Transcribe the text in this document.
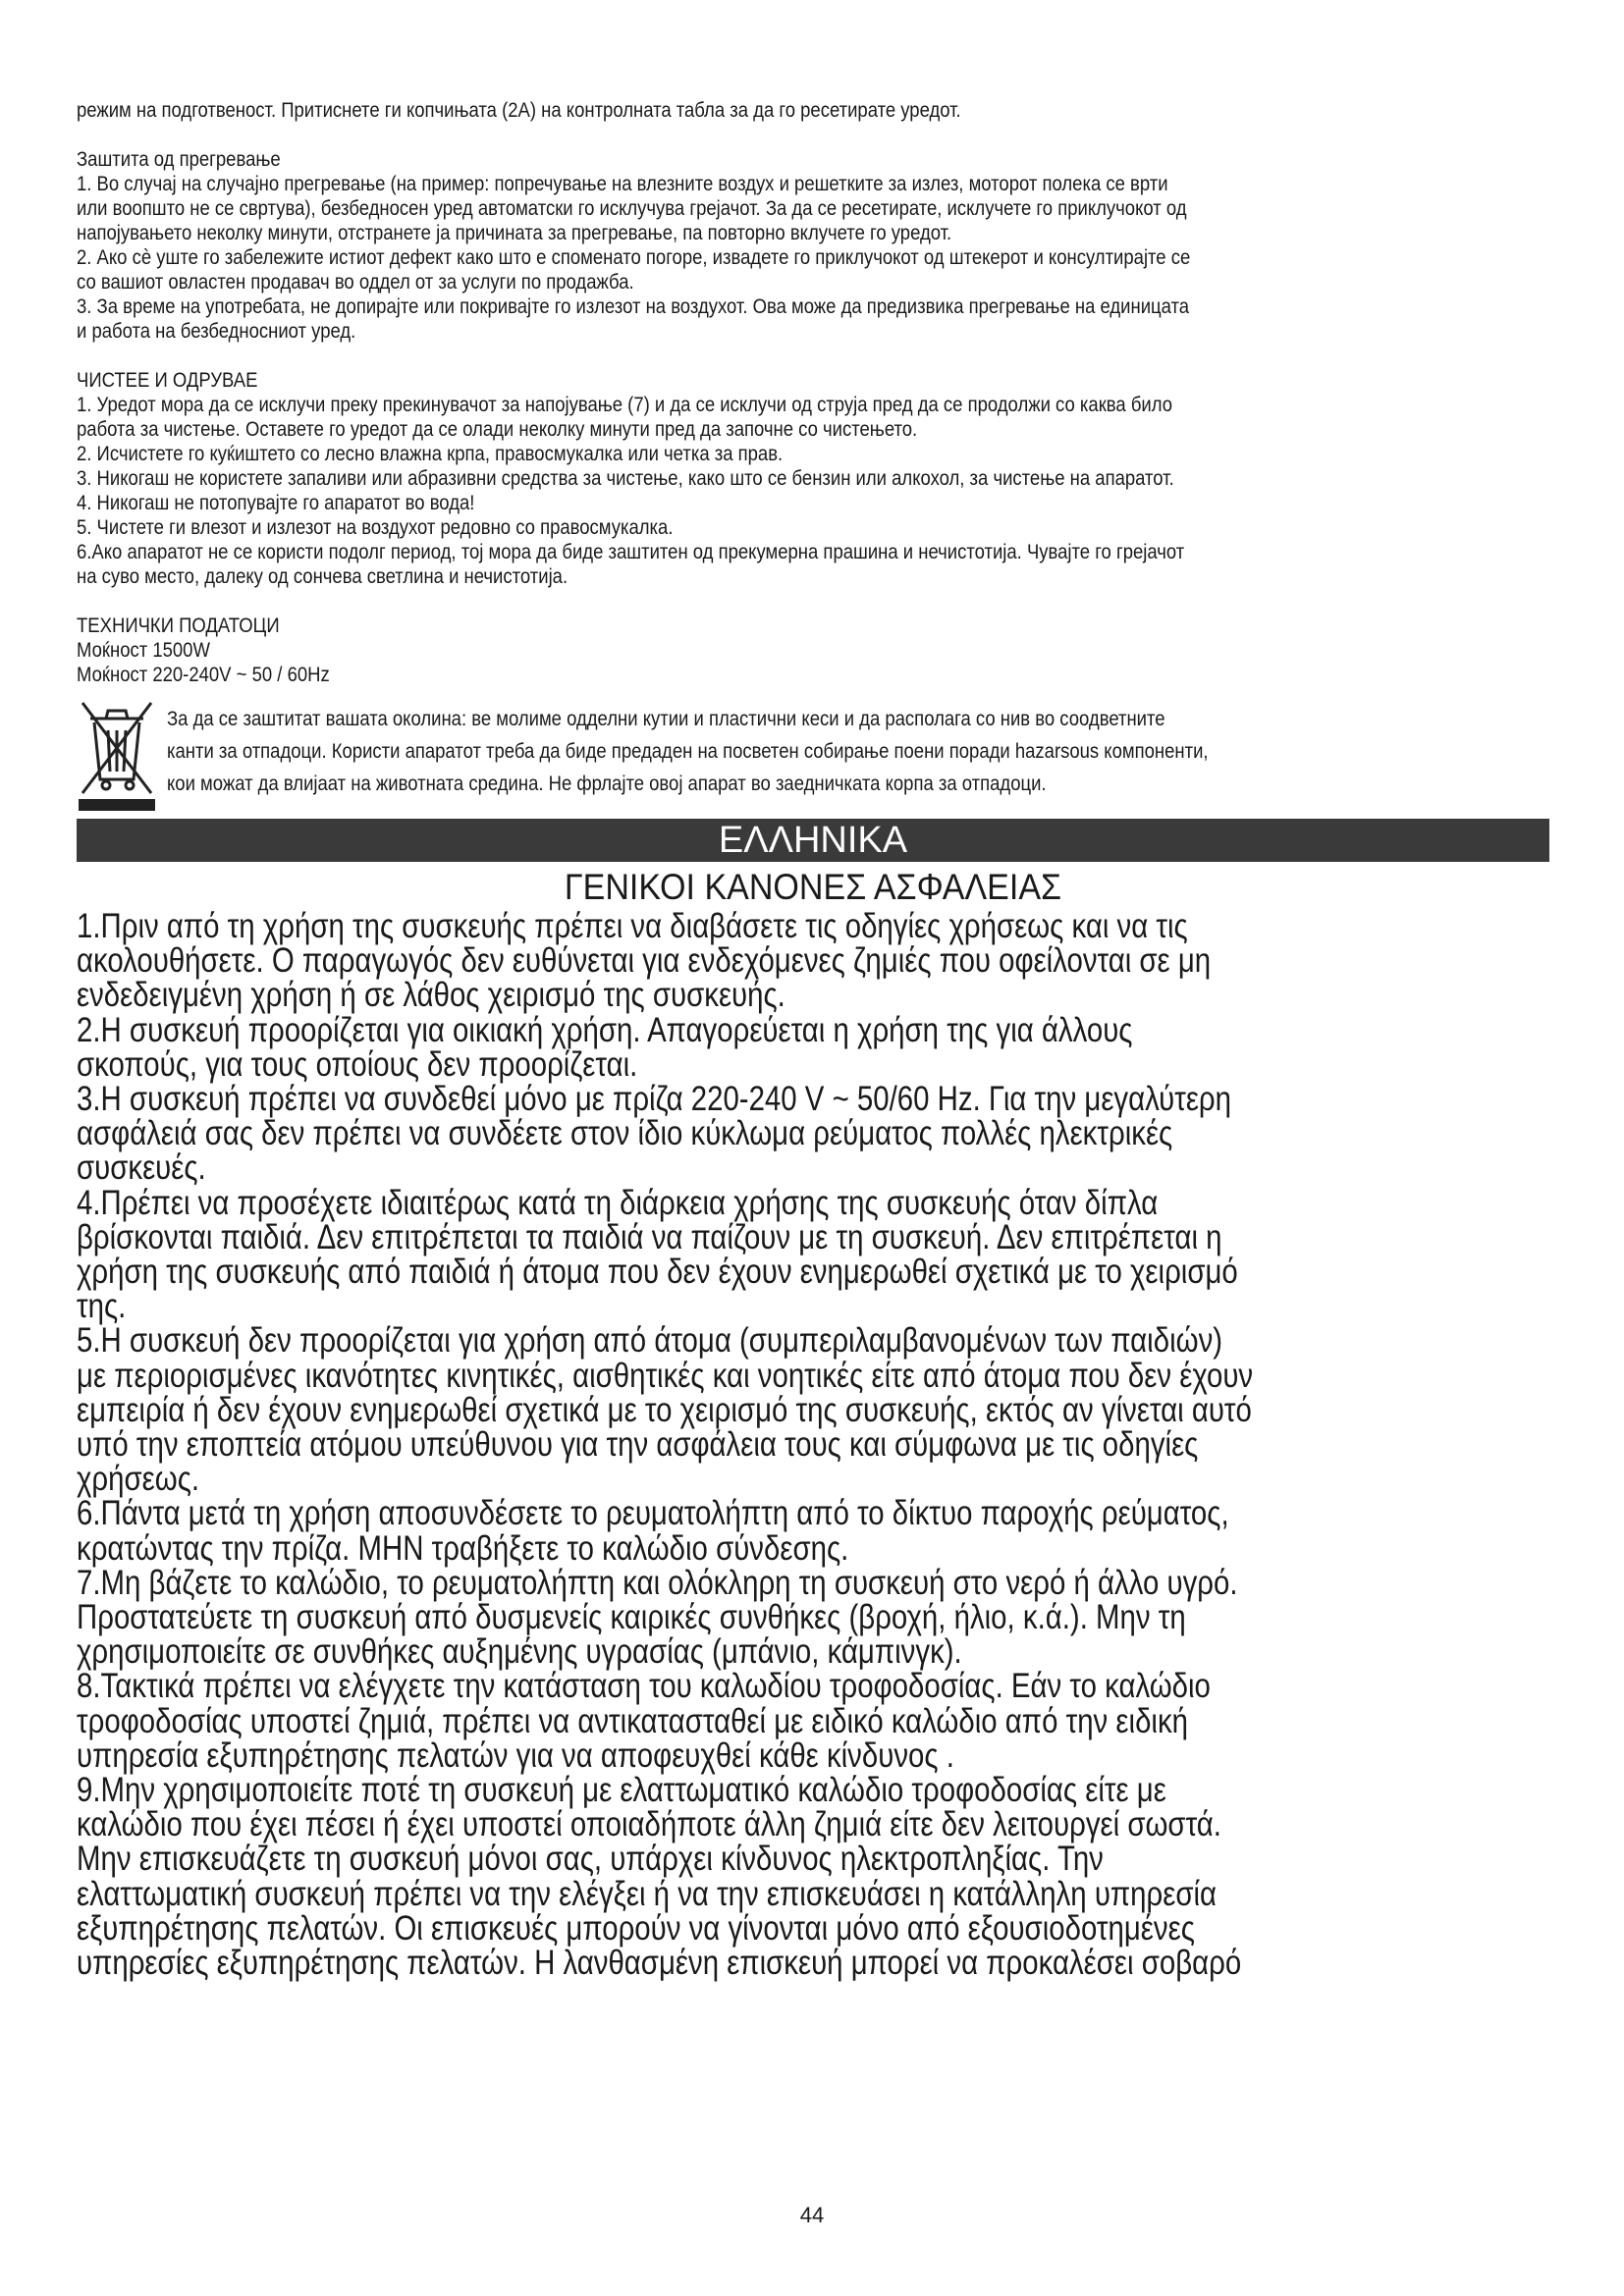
режим на подготвеност. Притиснете ги копчињата (2А) на контролната табла за да го ресетирате уредот.

Заштита од прегревање

1. Во случај на случајно прегревање (на пример: попречување на влезните воздух и решетките за излез, моторот полека се врти

или воопшто не се свртува), безбедносен уред автоматски го исклучува грејачот. За да се ресетирате, исклучете го приклучокот од

напојувањето неколку минути, отстранете ја причината за прегревање, па повторно вклучете го уредот.

2. Ако сè уште го забележите истиот дефект како што е споменато погоре, извадете го приклучокот од штекерот и консултирајте се

со вашиот овластен продавач во оддел от за услуги по продажба.

3. За време на употребата, не допирајте или покривајте го излезот на воздухот. Ова може да предизвика прегревање на единицата

и работа на безбедносниот уред.

ЧИСТЕЕ И ОДРУВАЕ

1. Уредот мора да се исклучи преку прекинувачот за напојување (7) и да се исклучи од струја пред да се продолжи со каква било

работа за чистење. Оставете го уредот да се олади неколку минути пред да започне со чистењето.

2. Исчистете го куќиштето со лесно влажна крпа, правосмукалка или четка за прав.

3. Никогаш не користете запаливи или абразивни средства за чистење, како што се бензин или алкохол, за чистење на апаратот.

4. Никогаш не потопувајте го апаратот во вода!

5. Чистете ги влезот и излезот на воздухот редовно со правосмукалка.

6.Ако апаратот не се користи подолг период, тој мора да биде заштитен од прекумерна прашина и нечистотија. Чувајте го грејачот

на суво место, далеку од сончева светлина и нечистотија.

ТЕХНИЧКИ ПОДАТОЦИ

Моќност 1500W

Моќност 220-240V ~ 50 / 60Hz

За да се заштитат вашата околина: ве молиме одделни кутии и пластични кеси и да располага со нив во соодветните

канти за отпадоци. Користи апаратот треба да биде предаден на посветен собирање поени поради hazarsous компоненти,

кои можат да влијаат на животната средина. Не фрлајте овој апарат во заедничката корпа за отпадоци.

ΕΛΛΗΝΙΚΑ
ΓΕΝΙΚΟΙ ΚΑΝΟΝΕΣ ΑΣΦΑΛΕΙΑΣ

1.Πριν από τη χρήση της συσκευής πρέπει να διαβάσετε τις οδηγίες χρήσεως και να τις

ακολουθήσετε. Ο παραγωγός δεν ευθύνεται για ενδεχόμενες ζημιές που οφείλονται σε μη

ενδεδειγμένη χρήση ή σε λάθος χειρισμό της συσκευής.

2.Η συσκευή προορίζεται για οικιακή χρήση. Απαγορεύεται η χρήση της για άλλους

σκοπούς, για τους οποίους δεν προορίζεται.

3.Η συσκευή πρέπει να συνδεθεί μόνο με πρίζα 220-240 V ~ 50/60 Hz. Για την μεγαλύτερη

ασφάλειά σας δεν πρέπει να συνδέετε στον ίδιο κύκλωμα ρεύματος πολλές ηλεκτρικές

συσκευές.

4.Πρέπει να προσέχετε ιδιαιτέρως κατά τη διάρκεια χρήσης της συσκευής όταν δίπλα

βρίσκονται παιδιά. Δεν επιτρέπεται τα παιδιά να παίζουν με τη συσκευή. Δεν επιτρέπεται η

χρήση της συσκευής από παιδιά ή άτομα που δεν έχουν ενημερωθεί σχετικά με το χειρισμό

της.

5.Η συσκευή δεν προορίζεται για χρήση από άτομα (συμπεριλαμβανομένων των παιδιών)

με περιορισμένες ικανότητες κινητικές, αισθητικές και νοητικές είτε από άτομα που δεν έχουν

εμπειρία ή δεν έχουν ενημερωθεί σχετικά με το χειρισμό της συσκευής, εκτός αν γίνεται αυτό

υπό την εποπτεία ατόμου υπεύθυνου για την ασφάλεια τους και σύμφωνα με τις οδηγίες

χρήσεως.

6.Πάντα μετά τη χρήση αποσυνδέσετε το ρευματολήπτη από το δίκτυο παροχής ρεύματος,

κρατώντας την πρίζα. ΜΗΝ τραβήξετε το καλώδιο σύνδεσης.

7.Μη βάζετε το καλώδιο, το ρευματολήπτη και ολόκληρη τη συσκευή στο νερό ή άλλο υγρό.

Προστατεύετε τη συσκευή από δυσμενείς καιρικές συνθήκες (βροχή, ήλιο, κ.ά.). Μην τη

χρησιμοποιείτε σε συνθήκες αυξημένης υγρασίας (μπάνιο, κάμπινγκ).

8.Τακτικά πρέπει να ελέγχετε την κατάσταση του καλωδίου τροφοδοσίας. Εάν το καλώδιο

τροφοδοσίας υποστεί ζημιά, πρέπει να αντικατασταθεί με ειδικό καλώδιο από την ειδική

υπηρεσία εξυπηρέτησης πελατών για να αποφευχθεί κάθε κίνδυνος .

9.Μην χρησιμοποιείτε ποτέ τη συσκευή με ελαττωματικό καλώδιο τροφοδοσίας είτε με

καλώδιο που έχει πέσει ή έχει υποστεί οποιαδήποτε άλλη ζημιά είτε δεν λειτουργεί σωστά.

Μην επισκευάζετε τη συσκευή μόνοι σας, υπάρχει κίνδυνος ηλεκτροπληξίας. Την

ελαττωματική συσκευή πρέπει να την ελέγξει ή να την επισκευάσει η κατάλληλη υπηρεσία

εξυπηρέτησης πελατών. Οι επισκευές μπορούν να γίνονται μόνο από εξουσιοδοτημένες

υπηρεσίες εξυπηρέτησης πελατών. Η λανθασμένη επισκευή μπορεί να προκαλέσει σοβαρό

44
